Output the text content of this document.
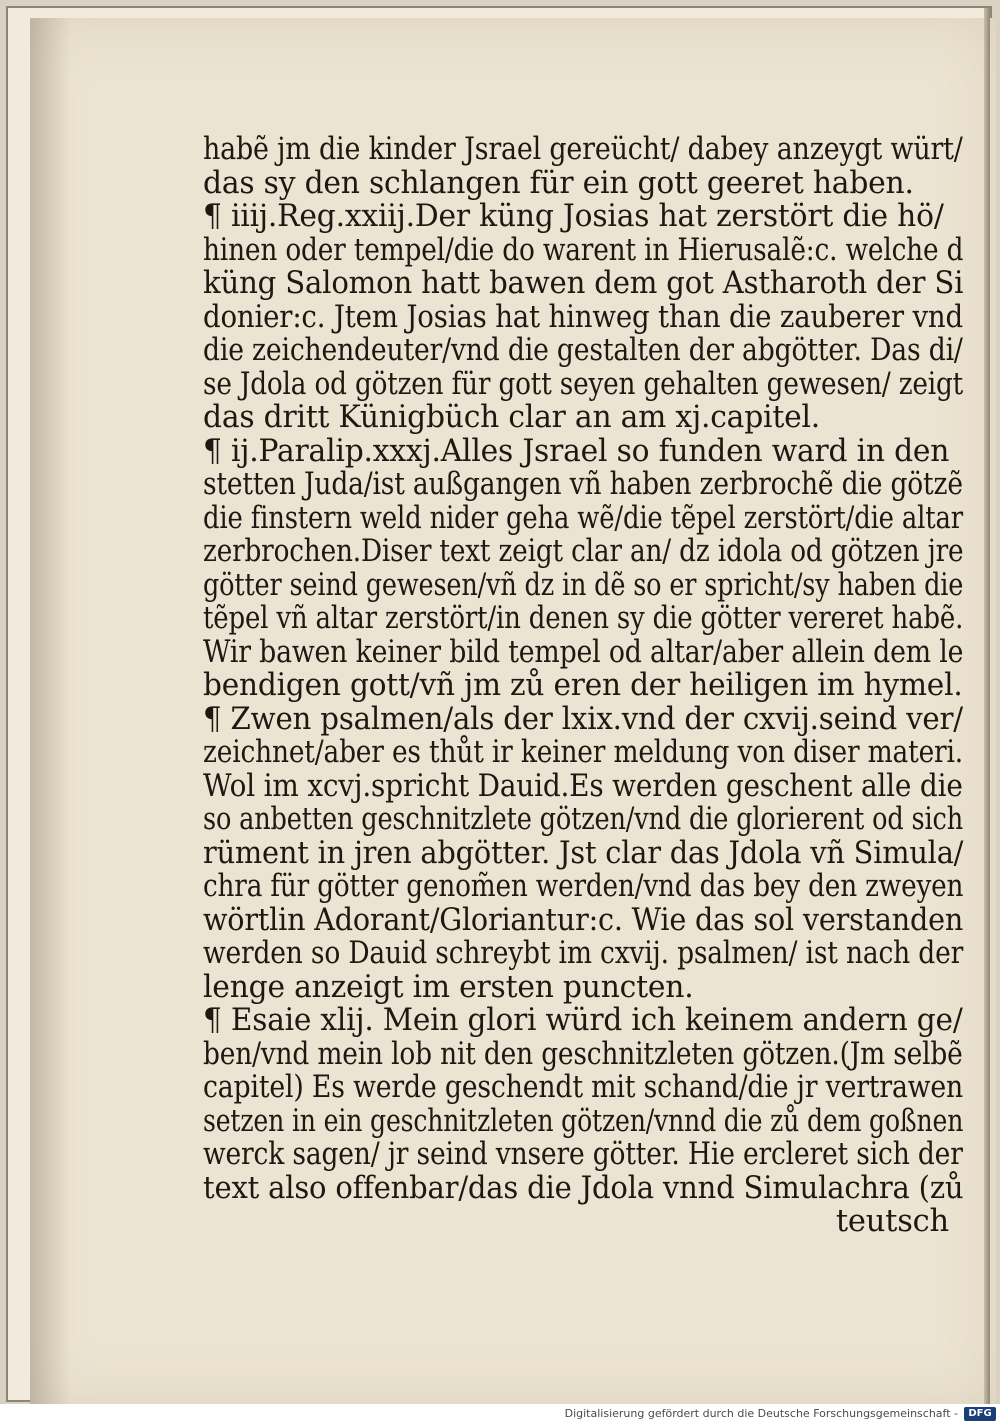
habẽ jm die kinder Jsrael gereücht/ dabey anzeygt würt/
das sy den schlangen für ein gott geeret haben.
¶ iiij.Reg.xxiij.Der küng Josias hat zerstört die hö/
hinen oder tempel/die do warent in Hierusalẽ:c. welche d
küng Salomon hatt bawen dem got Astharoth der Si
donier:c. Jtem Josias hat hinweg than die zauberer vnd
die zeichendeuter/vnd die gestalten der abgötter. Das di/
se Jdola od götzen für gott seyen gehalten gewesen/ zeigt
das dritt Künigbüch clar an am xj.capitel.
¶ ij.Paralip.xxxj.Alles Jsrael so funden ward in den
stetten Juda/ist außgangen vñ haben zerbrochẽ die götzẽ
die finstern weld nider geha wẽ/die tẽpel zerstört/die altar
zerbrochen.Diser text zeigt clar an/ dz idola od götzen jre
götter seind gewesen/vñ dz in dẽ so er spricht/sy haben die
tẽpel vñ altar zerstört/in denen sy die götter vereret habẽ.
Wir bawen keiner bild tempel od altar/aber allein dem le
bendigen gott/vñ jm zů eren der heiligen im hymel.
¶ Zwen psalmen/als der lxix.vnd der cxvij.seind ver/
zeichnet/aber es thůt ir keiner meldung von diser materi.
Wol im xcvj.spricht Dauid.Es werden geschent alle die
so anbetten geschnitzlete götzen/vnd die glorierent od sich
rüment in jren abgötter. Jst clar das Jdola vñ Simula/
chra für götter genom̃en werden/vnd das bey den zweyen
wörtlin Adorant/Gloriantur:c. Wie das sol verstanden
werden so Dauid schreybt im cxvij. psalmen/ ist nach der
lenge anzeigt im ersten puncten.
¶ Esaie xlij. Mein glori würd ich keinem andern ge/
ben/vnd mein lob nit den geschnitzleten götzen.(Jm selbẽ
capitel) Es werde geschendt mit schand/die jr vertrawen
setzen in ein geschnitzleten götzen/vnnd die zů dem goßnen
werck sagen/ jr seind vnsere götter. Hie ercleret sich der
text also offenbar/das die Jdola vnnd Simulachra (zů
teutsch
Digitalisierung gefördert durch die Deutsche Forschungsgemeinschaft -	DFG
